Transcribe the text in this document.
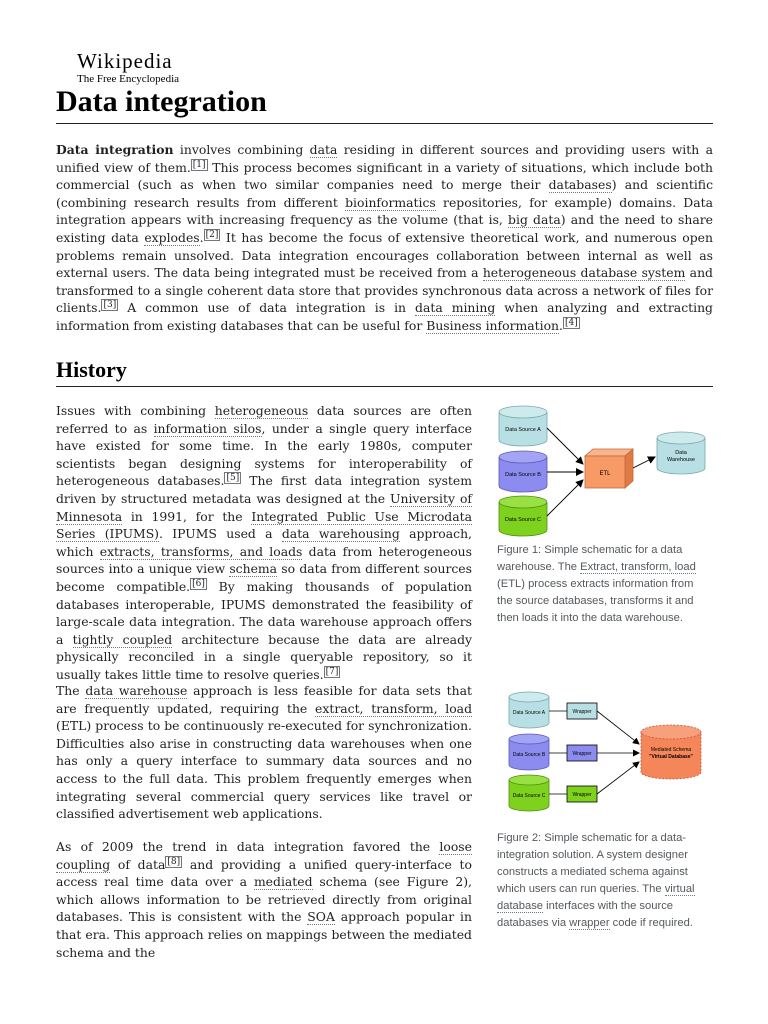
Wikipedia
The Free Encyclopedia
Data integration

Data integration involves combining data residing in different sources and providing users with a unified view of them. [1] This process becomes significant in a variety of situations, which include both commercial (such as when two similar companies need to merge their databases) and scientific (combining research results from different bioinformatics repositories, for example) domains. Data integration appears with increasing frequency as the volume (that is, big data) and the need to share existing data explodes. [2] It has become the focus of extensive theoretical work, and numerous open problems remain unsolved. Data integration encourages collaboration between internal as well as external users. The data being integrated must be received from a heterogeneous database system and transformed to a single coherent data store that provides synchronous data across a network of files for clients. [3] A common use of data integration is in data mining when analyzing and extracting information from existing databases that can be useful for Business information. [4]

History

Issues with combining heterogeneous data sources are often referred to as information silos, under a single query interface have existed for some time. In the early 1980s, computer scientists began designing systems for interoperability of heterogeneous databases. [5] The first data integration system driven by structured metadata was designed at the University of Minnesota in 1991, for the Integrated Public Use Microdata Series (IPUMS). IPUMS used a data warehousing approach, which extracts, transforms, and loads data from heterogeneous sources into a unique view schema so data from different sources become compatible. [6] By making thousands of population databases interoperable, IPUMS demonstrated the feasibility of large-scale data integration. The data warehouse approach offers a tightly coupled architecture because the data are already physically reconciled in a single queryable repository, so it usually takes little time to resolve queries. [7]

The data warehouse approach is less feasible for data sets that are frequently updated, requiring the extract, transform, load (ETL) process to be continuously re-executed for synchronization. Difficulties also arise in constructing data warehouses when one has only a query interface to summary data sources and no access to the full data. This problem frequently emerges when integrating several commercial query services like travel or classified advertisement web applications.

As of 2009 the trend in data integration favored the loose coupling of data [8] and providing a unified query-interface to access real time data over a mediated schema (see Figure 2), which allows information to be retrieved directly from original databases. This is consistent with the SOA approach popular in that era. This approach relies on mappings between the mediated schema and the

Data Source A
Data Source B
Data Source C
ETL
Data
Warehouse
Figure 1: Simple schematic for a data warehouse. The Extract, transform, load (ETL) process extracts information from the source databases, transforms it and then loads it into the data warehouse.
Data Source A
Data Source B
Data Source C
Wrapper
Wrapper
Wrapper
Mediated Schema
"Virtual Database"
Figure 2: Simple schematic for a data-integration solution. A system designer constructs a mediated schema against which users can run queries. The virtual database interfaces with the source databases via wrapper code if required.
